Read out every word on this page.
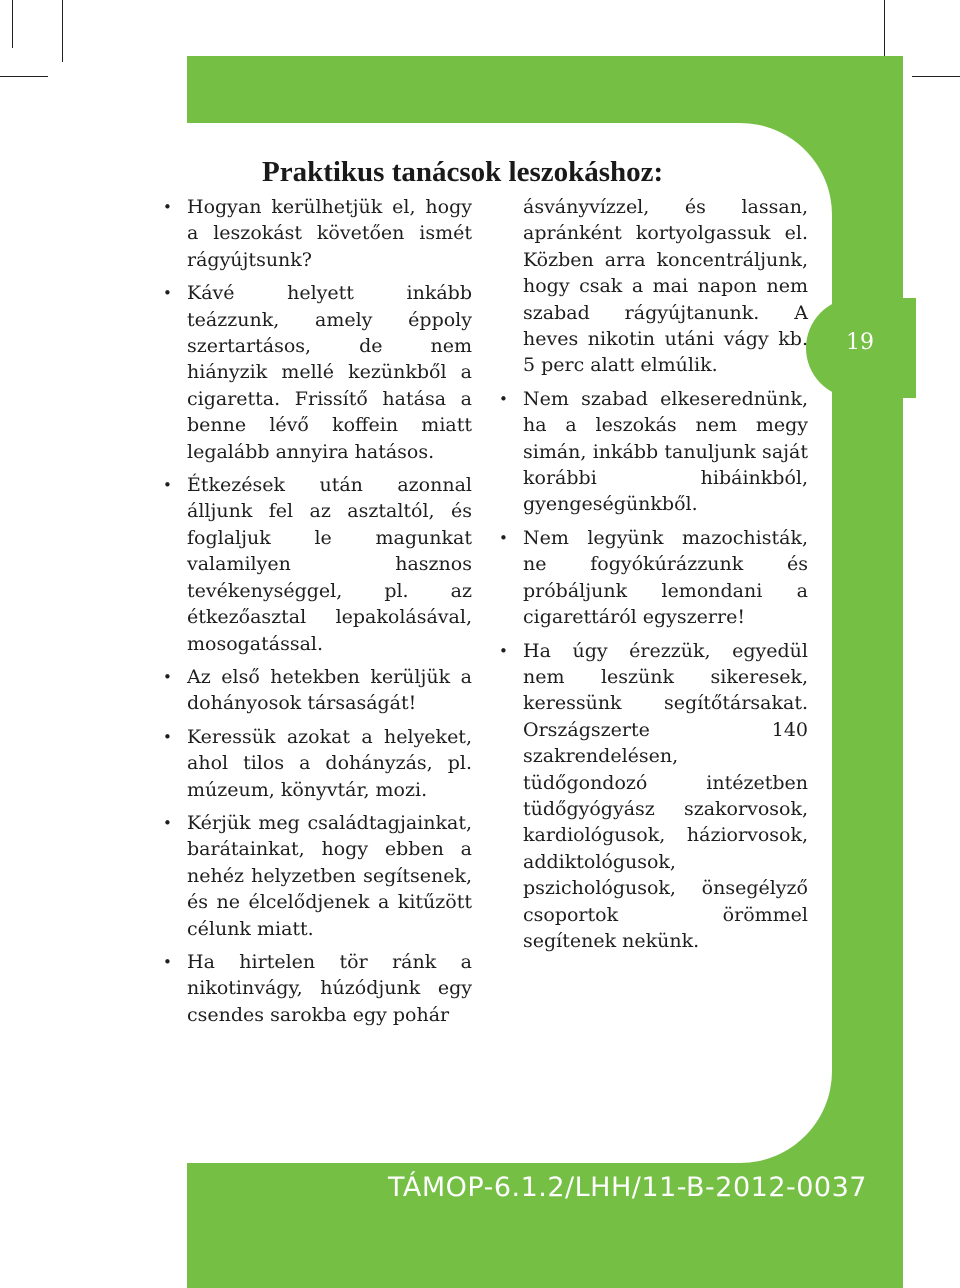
19
Praktikus tanácsok leszokáshoz:
• Hogyan kerülhetjük el, hogy a leszokást követően ismét rágyújtsunk?
• Kávé helyett inkább teázzunk, amely éppoly szertartásos, de nem hiányzik mellé kezünkből a cigaretta. Frissítő hatása a benne lévő koffein miatt legalább annyira hatásos.
• Étkezések után azonnal álljunk fel az asztaltól, és foglaljuk le magunkat valamilyen hasznos tevékenységgel, pl. az étkezőasztal lepakolásával, mosogatással.
• Az első hetekben kerüljük a dohányosok társaságát!
• Keressük azokat a helyeket, ahol tilos a dohányzás, pl. múzeum, könyvtár, mozi.
• Kérjük meg családtagjainkat, barátainkat, hogy ebben a nehéz helyzetben segítsenek, és ne élcelődjenek a kitűzött célunk miatt.
• Ha hirtelen tör ránk a nikotinvágy, húzódjunk egy csendes sarokba egy pohár
ásványvízzel, és lassan, apránként kortyolgassuk el. Közben arra koncentráljunk, hogy csak a mai napon nem szabad rágyújtanunk. A heves nikotin utáni vágy kb. 5 perc alatt elmúlik.
• Nem szabad elkeserednünk, ha a leszokás nem megy simán, inkább tanuljunk saját korábbi hibáinkból, gyengeségünkből.
• Nem legyünk mazochisták, ne fogyókúrázzunk és próbáljunk lemondani a cigarettáról egyszerre!
• Ha úgy érezzük, egyedül nem leszünk sikeresek, keressünk segítőtársakat. Országszerte 140 szakrendelésen, tüdőgondozó intézetben tüdőgyógyász szakorvosok, kardiológusok, háziorvosok, addiktológusok, pszichológusok, önsegélyző csoportok örömmel segítenek nekünk.
TÁMOP-6.1.2/LHH/11-B-2012-0037
